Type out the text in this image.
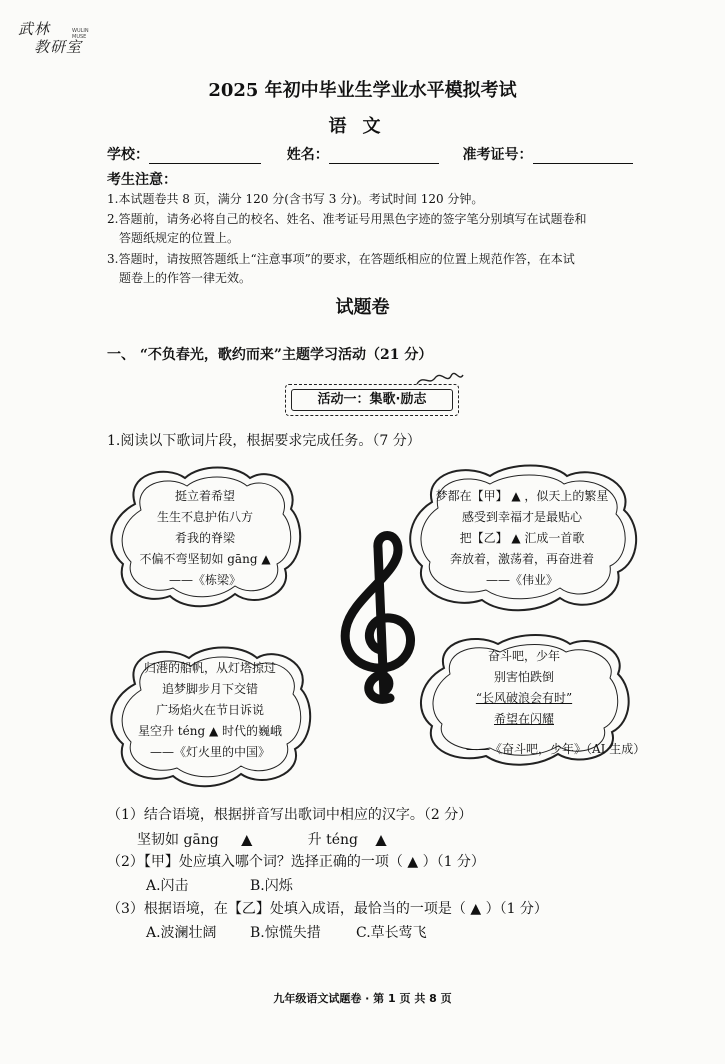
武林
教研室
WULIN MUSE
2025 年初中毕业生学业水平模拟考试
语文
学校：	姓名：	准考证号：
考生注意：
1.本试题卷共 8 页，满分 120 分(含书写 3 分)。考试时间 120 分钟。
2.答题前，请务必将自己的校名、姓名、准考证号用黑色字迹的签字笔分别填写在试题卷和
答题纸规定的位置上。
3.答题时，请按照答题纸上“注意事项”的要求，在答题纸相应的位置上规范作答，在本试
题卷上的作答一律无效。
试题卷
一、 “不负春光，歌约而来”主题学习活动（21 分）
活动一：集歌·励志
1.阅读以下歌词片段，根据要求完成任务。（7 分）
挺立着希望
生生不息护佑八方
肴我的脊梁
不偏不弯坚韧如 gāng ▲
——《栋梁》
梦都在【甲】 ▲ ，似天上的繁星
感受到幸福才是最贴心
把【乙】 ▲ 汇成一首歌
奔放着，激荡着，再奋进着
——《伟业》
归港的船帆，从灯塔掠过
追梦脚步月下交错
广场焰火在节日诉说
星空升 téng ▲ 时代的巍峨
——《灯火里的中国》
奋斗吧，少年
别害怕跌倒
“长风破浪会有时”
希望在闪耀
——《奋斗吧，少年》（AI 生成）
（1）结合语境，根据拼音写出歌词中相应的汉字。（2 分）
坚韧如 gāng ▲	升 téng ▲
（2）【甲】处应填入哪个词？选择正确的一项（ ▲ ）（1 分）
A.闪击	B.闪烁
（3）根据语境，在【乙】处填入成语，最恰当的一项是（ ▲ ）（1 分）
A.波澜壮阔 B.惊慌失措	C.草长莺飞
九年级语文试题卷 · 第 1 页 共 8 页
